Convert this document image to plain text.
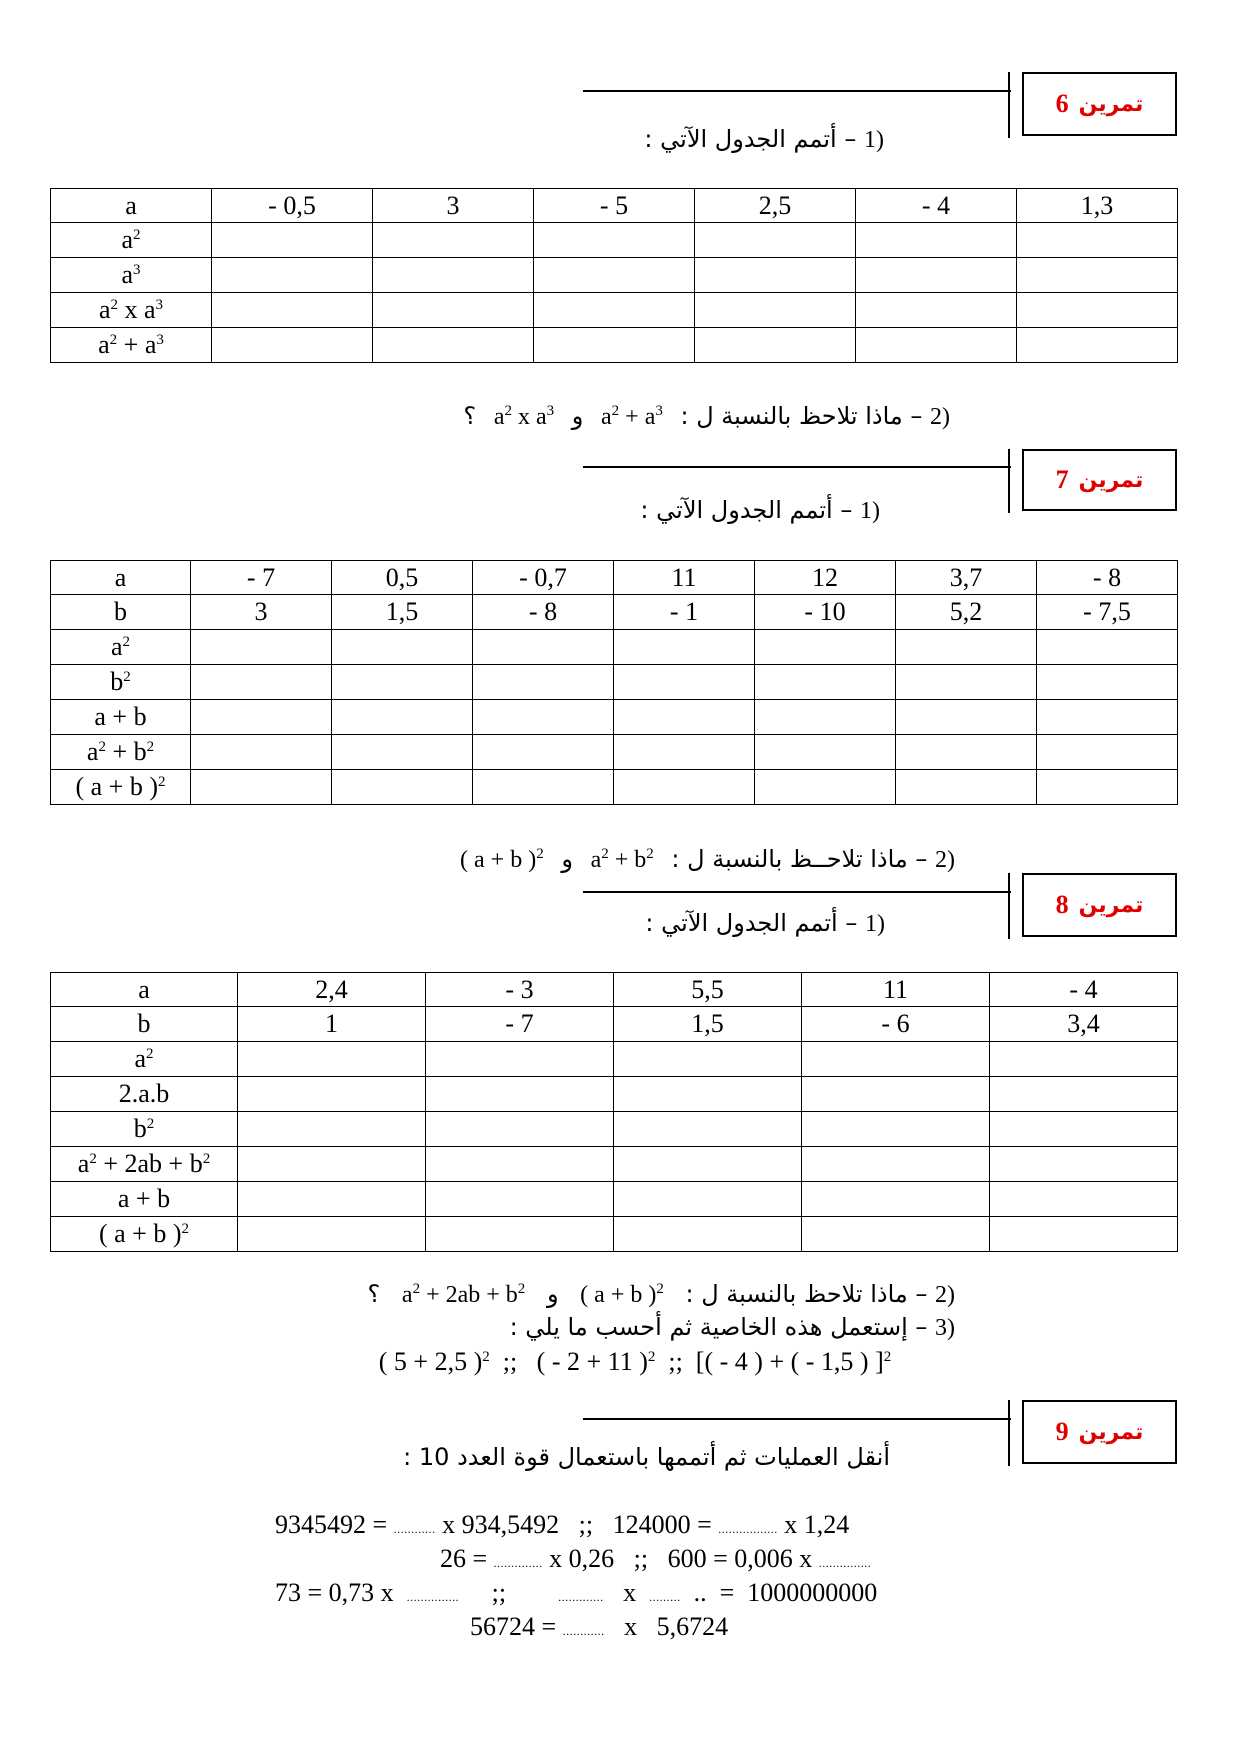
6 تمرين
1) – أتمم الجدول الآتي :
a	- 0,5	3	- 5	2,5	- 4	1,3
$a^2$						
$a^3$						
$a^2$ x $a^3$						
$a^2 + a^3$						
2) – ماذا تلاحظ بالنسبة ل : $a^2 + a^3$ و $a^2$ x $a^3$ ؟
7 تمرين
1) – أتمم الجدول الآتي :
a	- 7	0,5	- 0,7	11	12	3,7	- 8
b	3	1,5	- 8	- 1	- 10	5,2	- 7,5
$a^2$							
$b^2$							
a + b							
$a^2 + b^2$							
( a + b )$^2$							
2) – ماذا تلاحــظ بالنسبة ل : $a^2 + b^2$ و ( a + b )$^2$
8 تمرين
1) – أتمم الجدول الآتي :
a	2,4	- 3	5,5	11	- 4
b	1	- 7	1,5	- 6	3,4
$a^2$					
2.a.b					
$b^2$					
$a^2 + 2ab + b^2$					
a + b					
( a + b )$^2$					
2) – ماذا تلاحظ بالنسبة ل : ( a + b )$^2$ و $a^2 + 2ab + b^2$ ؟
3) – إستعمل هذه الخاصية ثم أحسب ما يلي :
( 5 + 2,5 )$^2$  ;;   ( - 2 + 11 )$^2$  ;;  [( - 4 ) + ( - 1,5 ) ]$^2$
9 تمرين
أنقل العمليات ثم أتممها باستعمال قوة العدد 10 :
9345492 = ............ x 934,5492   ;;   124000 = ................. x 1,24
26 = .............. x 0,26   ;;   600 = 0,006 x ...............
73 = 0,73 x  ...............     ;;        .............   x  .........  ..  =  1000000000
56724 = ............   x   5,6724
